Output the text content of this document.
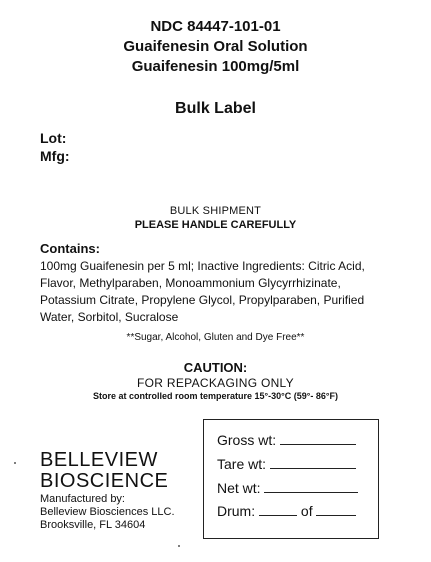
NDC 84447-101-01
Guaifenesin Oral Solution
Guaifenesin 100mg/5ml
Bulk Label
Lot:
Mfg:
BULK SHIPMENT
PLEASE HANDLE CAREFULLY
Contains:
100mg Guaifenesin per 5 ml; Inactive Ingredients: Citric Acid, Flavor, Methylparaben, Monoammonium Glycyrrhizinate, Potassium Citrate, Propylene Glycol, Propylparaben, Purified Water, Sorbitol, Sucralose
**Sugar, Alcohol, Gluten and Dye Free**
CAUTION:
FOR REPACKAGING ONLY
Store at controlled room temperature 15°-30°C (59°- 86°F)
BELLEVIEW
BIOSCIENCE
Manufactured by:
Belleview Biosciences LLC.
Brooksville, FL 34604
Gross wt:
Tare wt:
Net wt:
Drum:	of
